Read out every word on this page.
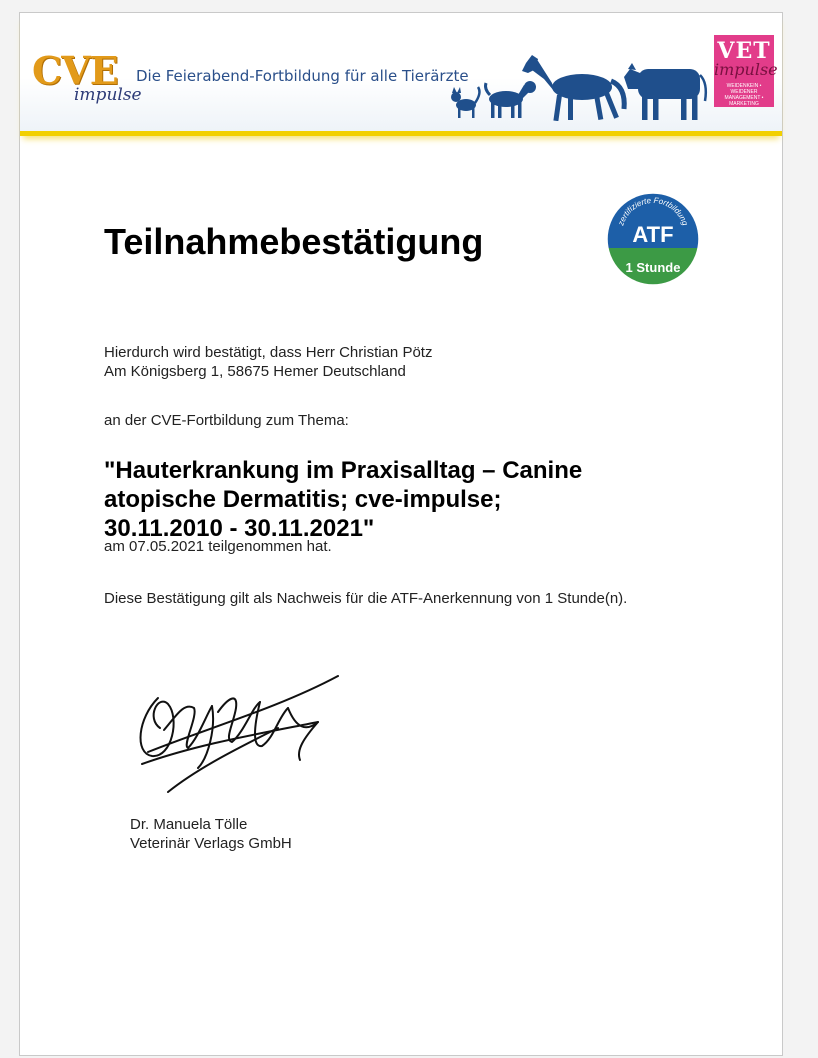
CVE
impulse
Die Feierabend-Fortbildung für alle Tierärzte
VET
impulse
WEIDENKEIN • WEIDENER MANAGEMENT • MARKETING
Teilnahmebestätigung	zertifizierte Fortbildung
ATF
1 Stunde

Hierdurch wird bestätigt, dass Herr Christian Pötz

Am Königsberg 1, 58675 Hemer Deutschland

an der CVE-Fortbildung zum Thema:

am 07.05.2021 teilgenommen hat.

"Hauterkrankung im Praxisalltag – Canine
atopische Dermatitis; cve-impulse;
30.11.2010 - 30.11.2021"

Diese Bestätigung gilt als Nachweis für die ATF-Anerkennung von 1 Stunde(n).

Dr. Manuela Tölle

Veterinär Verlags GmbH
